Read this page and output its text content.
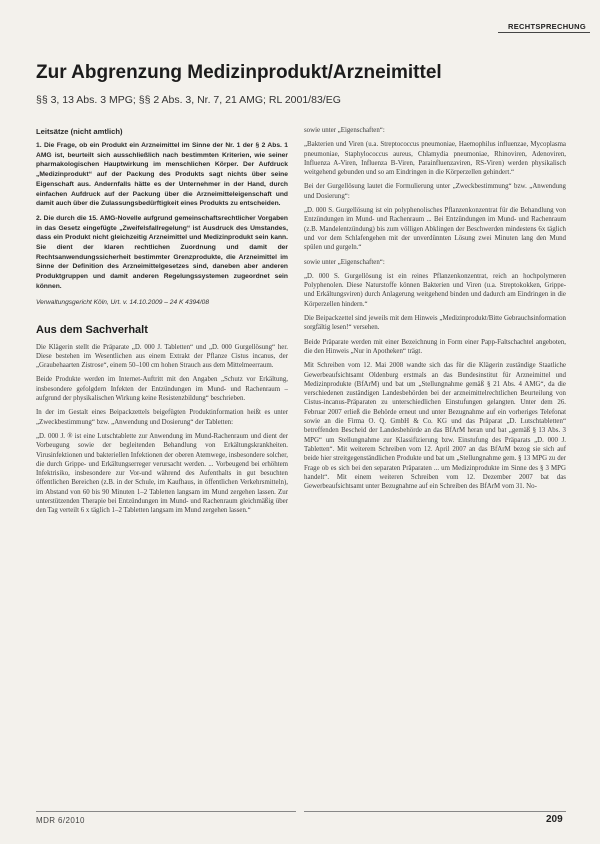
RECHTSPRECHUNG
Zur Abgrenzung Medizinprodukt/Arzneimittel
§§ 3, 13 Abs. 3 MPG; §§ 2 Abs. 3, Nr. 7, 21 AMG; RL 2001/83/EG
Leitsätze (nicht amtlich)

1. Die Frage, ob ein Produkt ein Arzneimittel im Sinne der Nr. 1 der § 2 Abs. 1 AMG ist, beurteilt sich ausschließlich nach bestimmten Kriterien, wie seiner pharmakologischen Hauptwirkung im menschlichen Körper. Der Aufdruck „Medizinprodukt“ auf der Packung des Produkts sagt nichts über seine Eigenschaft aus. Andernfalls hätte es der Unternehmer in der Hand, durch einfachen Aufdruck auf der Packung über die Arzneimitteleigenschaft und damit auch über die Zulassungsbedürftigkeit eines Produkts zu entscheiden.

2. Die durch die 15. AMG-Novelle aufgrund gemeinschaftsrechtlicher Vorgaben in das Gesetz eingefügte „Zweifelsfallregelung“ ist Ausdruck des Umstandes, dass ein Produkt nicht gleichzeitig Arzneimittel und Medizinprodukt sein kann. Sie dient der klaren rechtlichen Zuordnung und damit der Rechtsanwendungssicherheit bestimmter Grenzprodukte, die Arzneimittel im Sinne der Definition des Arzneimittelgesetzes sind, daneben aber anderen Produktgruppen und damit anderen Regelungssystemen zugeordnet sein können.

Verwaltungsgericht Köln, Urt. v. 14.10.2009 – 24 K 4394/08
Aus dem Sachverhalt

Die Klägerin stellt die Präparate „D. 000 J. Tabletten“ und „D. 000 Gurgellösung“ her. Diese bestehen im Wesentlichen aus einem Extrakt der Pflanze Cistus incanus, der „Graubehaarten Zistrose“, einem 50–100 cm hohen Strauch aus dem Mittelmeerraum.

Beide Produkte werden im Internet-Auftritt mit den Angaben „Schutz vor Erkältung, insbesondere gefolgdern Infekten der Entzündungen im Mund- und Rachenraum – aufgrund der physikalischen Wirkung keine Resistenzbildung“ beschrieben.

In der im Gestalt eines Beipackzettels beigefügten Produktinformation heißt es unter „Zweckbestimmung“ bzw. „Anwendung und Dosierung“ der Tabletten:

„D. 000 J. ® ist eine Lutschtablette zur Anwendung im Mund-Rachenraum und dient der Vorbeugung sowie der begleitenden Behandlung von Erkältungskrankheiten. Virusinfektionen und bakteriellen Infektionen der oberen Atemwege, insbesondere solcher, die durch Grippe- und Erkältungserreger verursacht werden. ... Vorbeugend bei erhöhtem Infektrisiko, insbesondere zur Vor-und während des Aufenthalts in gut besuchten öffentlichen Bereichen (z.B. in der Schule, im Kaufhaus, in öffentlichen Verkehrsmitteln), im Abstand von 60 bis 90 Minuten 1–2 Tabletten langsam im Mund zergehen lassen. Zur unterstützenden Therapie bei Entzündungen im Mund- und Rachenraum gleichmäßig über den Tag verteilt 6 x täglich 1–2 Tabletten langsam im Mund zergehen lassen.“

sowie unter „Eigenschaften“:

„Bakterien und Viren (u.a. Streptococcus pneumoniae, Haemophilus influenzae, Mycoplasma pneumoniae, Staphylococcus aureus, Chlamydia pneumoniae, Rhinoviren, Adenoviren, Influenza A-Viren, Influenza B-Viren, Parainfluenzaviren, RS-Viren) werden physikalisch weitgehend gebunden und so am Eindringen in die Körperzellen gehindert.“

Bei der Gurgellösung lautet die Formulierung unter „Zweckbestimmung“ bzw. „Anwendung und Dosierung“:

„D. 000 S. Gurgellösung ist ein polyphenolisches Pflanzenkonzentrat für die Behandlung von Entzündungen im Mund- und Rachenraum ... Bei Entzündungen im Mund- und Rachenraum (z.B. Mandelentzündung) bis zum völligen Abklingen der Beschwerden mindestens 6x täglich und vor dem Schlafengehen mit der unverdünnten Lösung zwei Minuten lang den Mund spülen und gurgeln.“

sowie unter „Eigenschaften“:

„D. 000 S. Gurgellösung ist ein reines Pflanzenkonzentrat, reich an hochpolymeren Polyphenolen. Diese Naturstoffe können Bakterien und Viren (u.a. Streptokokken, Grippe- und Erkältungsviren) durch Anlagerung weitgehend binden und dadurch am Eindringen in die Körperzellen hindern.“

Die Beipackzettel sind jeweils mit dem Hinweis „Medizinprodukt/Bitte Gebrauchsinformation sorgfältig lesen!“ versehen.

Beide Präparate werden mit einer Bezeichnung in Form einer Papp-Faltschachtel angeboten, die den Hinweis „Nur in Apotheken“ trägt.

Mit Schreiben vom 12. Mai 2008 wandte sich das für die Klägerin zuständige Staatliche Gewerbeaufsichtsamt Oldenburg erstmals an das Bundesinstitut für Arzneimittel und Medizinprodukte (BfArM) und bat um „Stellungnahme gemäß § 21 Abs. 4 AMG“, da die verschiedenen zuständigen Landesbehörden bei der arzneimittelrechtlichen Beurteilung von Cistus-incanus-Präparaten zu unterschiedlichen Einstufungen gelangten. Unter dem 26. Februar 2007 erließ die Behörde erneut und unter Bezugnahme auf ein vorheriges Telefonat sowie an die Firma O. Q. GmbH & Co. KG und das Präparat „D. Lutschtabletten“ betreffenden Bescheid der Landesbehörde an das BfArM heran und bat „gemäß § 13 Abs. 3 MPG“ um Stellungnahme zur Klassifizierung bzw. Einstufung des Präparats „D. 000 J. Tabletten“. Mit weiterem Schreiben vom 12. April 2007 an das BfArM bezog sie sich auf beide hier streitgegenständlichen Produkte und bat um „Stellungnahme gem. § 13 MPG zu der Frage ob es sich bei den separaten Präparaten ... um Medizinprodukte im Sinne des § 3 MPG handelt“. Mit einem weiteren Schreiben vom 12. Dezember 2007 bat das Gewerbeaufsichtsamt unter Bezugnahme auf ein Schreiben des BfArM vom 31. No-

MDR 6/2010	209
